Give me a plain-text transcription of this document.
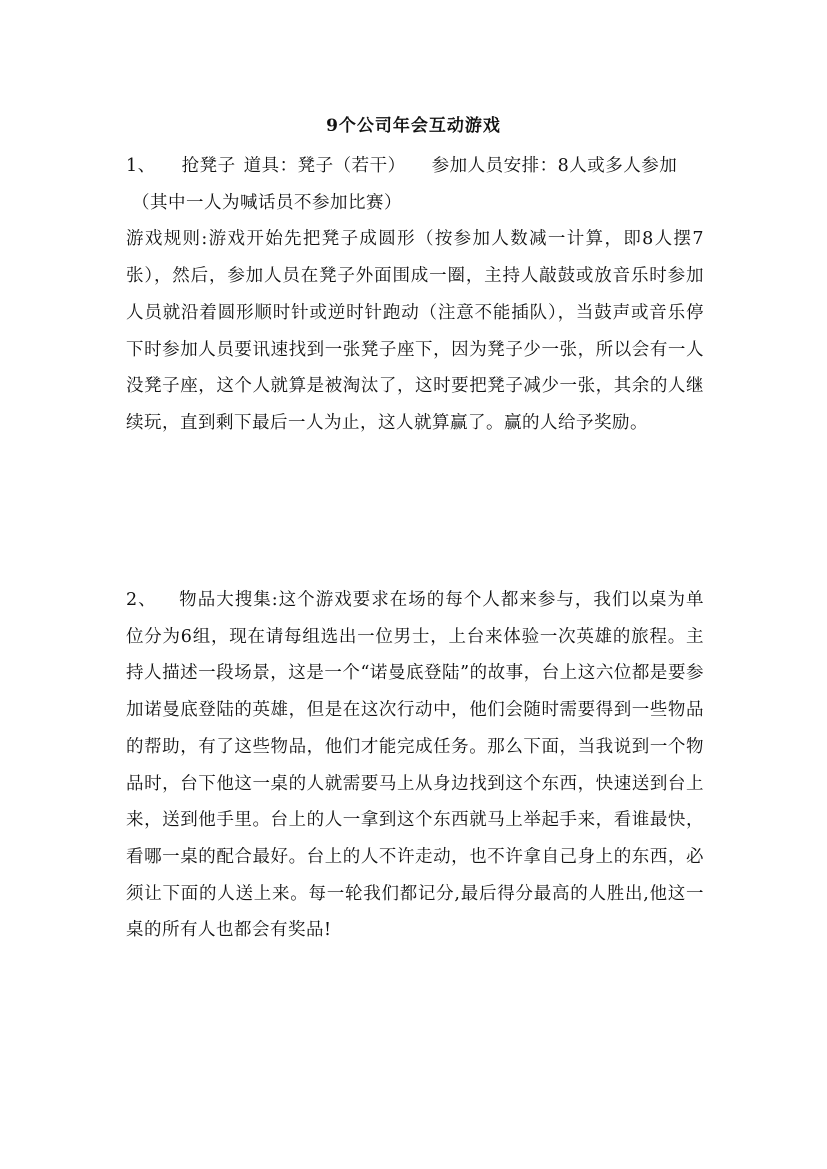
9个公司年会互动游戏
1、 抢凳子 道具：凳子（若干） 参加人员安排：8人或多人参加
（其中一人为喊话员不参加比赛）

游戏规则:游戏开始先把凳子成圆形（按参加人数减一计算，即8人摆7张），然后，参加人员在凳子外面围成一圈，主持人敲鼓或放音乐时参加人员就沿着圆形顺时针或逆时针跑动（注意不能插队），当鼓声或音乐停下时参加人员要讯速找到一张凳子座下，因为凳子少一张，所以会有一人没凳子座，这个人就算是被淘汰了，这时要把凳子减少一张，其余的人继续玩，直到剩下最后一人为止，这人就算赢了。赢的人给予奖励。

2、 物品大搜集:这个游戏要求在场的每个人都来参与，我们以桌为单位分为6组，现在请每组选出一位男士，上台来体验一次英雄的旅程。主持人描述一段场景，这是一个“诺曼底登陆”的故事，台上这六位都是要参加诺曼底登陆的英雄，但是在这次行动中，他们会随时需要得到一些物品的帮助，有了这些物品，他们才能完成任务。那么下面，当我说到一个物品时，台下他这一桌的人就需要马上从身边找到这个东西，快速送到台上来，送到他手里。台上的人一拿到这个东西就马上举起手来，看谁最快，看哪一桌的配合最好。台上的人不许走动，也不许拿自己身上的东西，必须让下面的人送上来。每一轮我们都记分,最后得分最高的人胜出,他这一桌的所有人也都会有奖品!
